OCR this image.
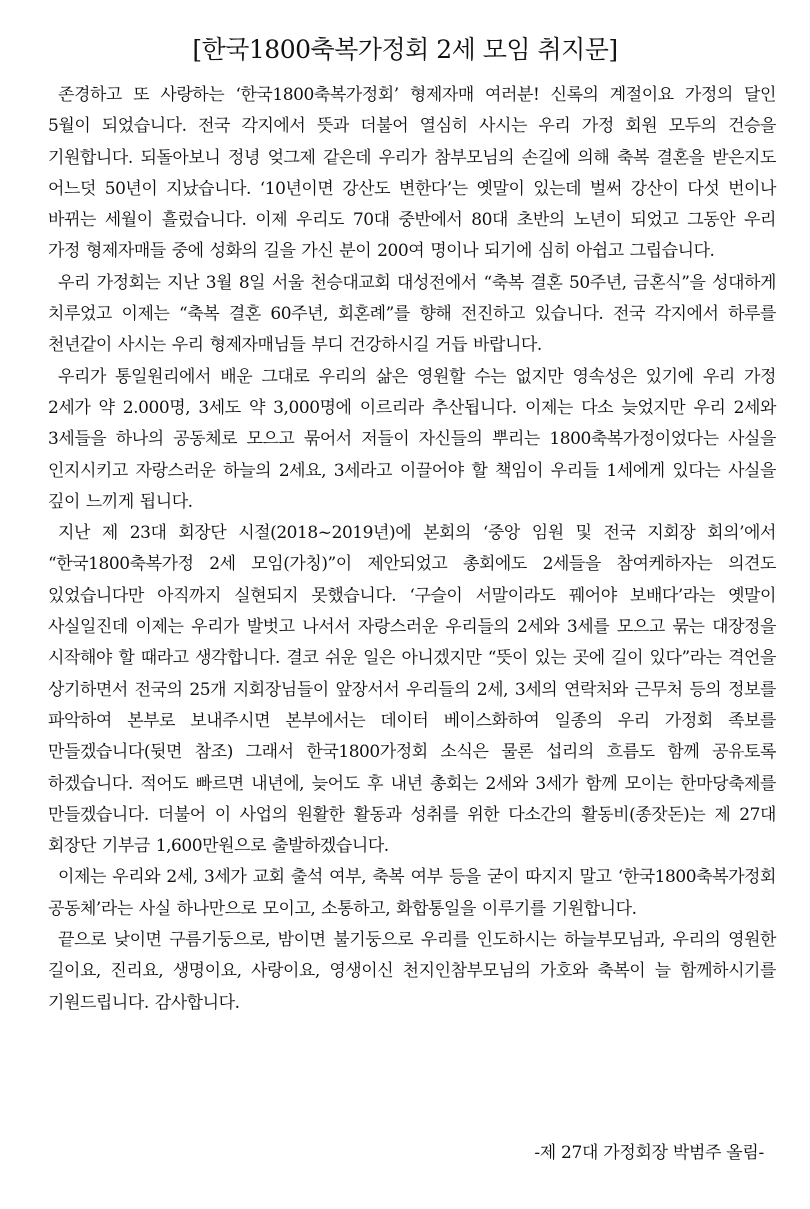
[한국1800축복가정회 2세 모임 취지문]

존경하고 또 사랑하는 ‘한국1800축복가정회’ 형제자매 여러분! 신록의 계절이요 가정의 달인 5월이 되었습니다. 전국 각지에서 뜻과 더불어 열심히 사시는 우리 가정 회원 모두의 건승을 기원합니다. 되돌아보니 정녕 엊그제 같은데 우리가 참부모님의 손길에 의해 축복 결혼을 받은지도 어느덧 50년이 지났습니다. ‘10년이면 강산도 변한다’는 옛말이 있는데 벌써 강산이 다섯 번이나 바뀌는 세월이 흘렀습니다. 이제 우리도 70대 중반에서 80대 초반의 노년이 되었고 그동안 우리 가정 형제자매들 중에 성화의 길을 가신 분이 200여 명이나 되기에 심히 아쉽고 그립습니다.

우리 가정회는 지난 3월 8일 서울 천승대교회 대성전에서 “축복 결혼 50주년, 금혼식”을 성대하게 치루었고 이제는 “축복 결혼 60주년, 회혼례”를 향해 전진하고 있습니다. 전국 각지에서 하루를 천년같이 사시는 우리 형제자매님들 부디 건강하시길 거듭 바랍니다.

우리가 통일원리에서 배운 그대로 우리의 삶은 영원할 수는 없지만 영속성은 있기에 우리 가정 2세가 약 2.000명, 3세도 약 3,000명에 이르리라 추산됩니다. 이제는 다소 늦었지만 우리 2세와 3세들을 하나의 공동체로 모으고 묶어서 저들이 자신들의 뿌리는 1800축복가정이었다는 사실을 인지시키고 자랑스러운 하늘의 2세요, 3세라고 이끌어야 할 책임이 우리들 1세에게 있다는 사실을 깊이 느끼게 됩니다.

지난 제 23대 회장단 시절(2018~2019년)에 본회의 ‘중앙 임원 및 전국 지회장 회의’에서 “한국1800축복가정 2세 모임(가칭)”이 제안되었고 총회에도 2세들을 참여케하자는 의견도 있었습니다만 아직까지 실현되지 못했습니다. ‘구슬이 서말이라도 꿰어야 보배다’라는 옛말이 사실일진데 이제는 우리가 발벗고 나서서 자랑스러운 우리들의 2세와 3세를 모으고 묶는 대장정을 시작해야 할 때라고 생각합니다. 결코 쉬운 일은 아니겠지만 “뜻이 있는 곳에 길이 있다”라는 격언을 상기하면서 전국의 25개 지회장님들이 앞장서서 우리들의 2세, 3세의 연락처와 근무처 등의 정보를 파악하여 본부로 보내주시면 본부에서는 데이터 베이스화하여 일종의 우리 가정회 족보를 만들겠습니다(뒷면 참조) 그래서 한국1800가정회 소식은 물론 섭리의 흐름도 함께 공유토록 하겠습니다. 적어도 빠르면 내년에, 늦어도 후 내년 총회는 2세와 3세가 함께 모이는 한마당축제를 만들겠습니다. 더불어 이 사업의 원활한 활동과 성취를 위한 다소간의 활동비(종잣돈)는 제 27대 회장단 기부금 1,600만원으로 출발하겠습니다.

이제는 우리와 2세, 3세가 교회 출석 여부, 축복 여부 등을 굳이 따지지 말고 ‘한국1800축복가정회 공동체’라는 사실 하나만으로 모이고, 소통하고, 화합통일을 이루기를 기원합니다.

끝으로 낮이면 구름기둥으로, 밤이면 불기둥으로 우리를 인도하시는 하늘부모님과, 우리의 영원한 길이요, 진리요, 생명이요, 사랑이요, 영생이신 천지인참부모님의 가호와 축복이 늘 함께하시기를 기원드립니다. 감사합니다.

-제 27대 가정회장 박범주 올림-
